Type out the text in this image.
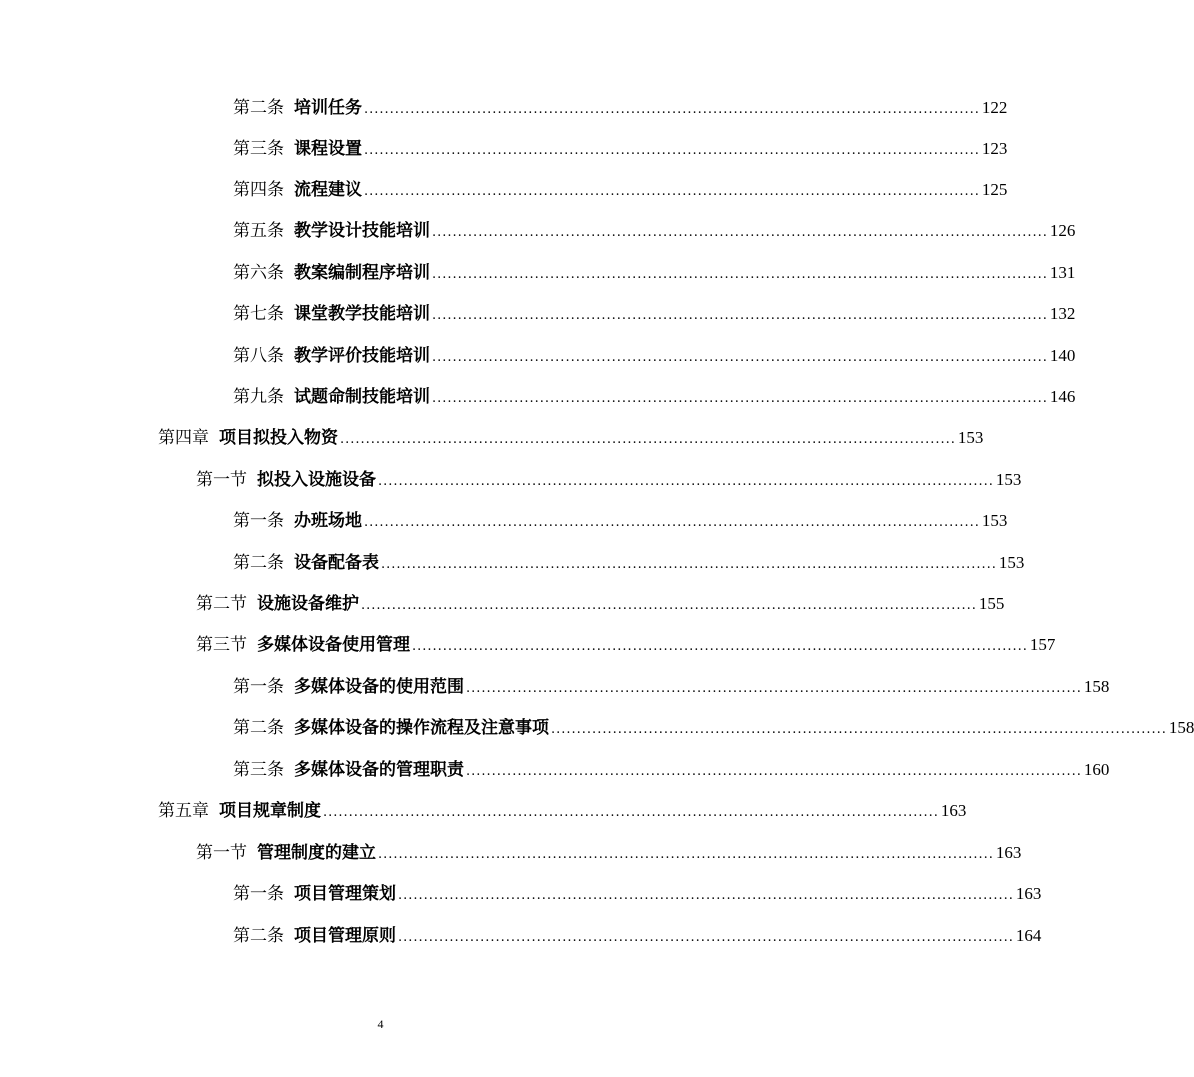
第二条 培训任务 ........................................................................................................................ 122
第三条 课程设置 ........................................................................................................................ 123
第四条 流程建议 ........................................................................................................................ 125
第五条 教学设计技能培训 ........................................................................................................................ 126
第六条 教案编制程序培训 ........................................................................................................................ 131
第七条 课堂教学技能培训 ........................................................................................................................ 132
第八条 教学评价技能培训 ........................................................................................................................ 140
第九条 试题命制技能培训 ........................................................................................................................ 146
第四章 项目拟投入物资 ........................................................................................................................ 153
第一节 拟投入设施设备 ........................................................................................................................ 153
第一条 办班场地 ........................................................................................................................ 153
第二条 设备配备表 ........................................................................................................................ 153
第二节 设施设备维护 ........................................................................................................................ 155
第三节 多媒体设备使用管理 ........................................................................................................................ 157
第一条 多媒体设备的使用范围 ........................................................................................................................ 158
第二条 多媒体设备的操作流程及注意事项 ........................................................................................................................ 158
第三条 多媒体设备的管理职责 ........................................................................................................................ 160
第五章 项目规章制度 ........................................................................................................................ 163
第一节 管理制度的建立 ........................................................................................................................ 163
第一条 项目管理策划 ........................................................................................................................ 163
第二条 项目管理原则 ........................................................................................................................ 164
4
